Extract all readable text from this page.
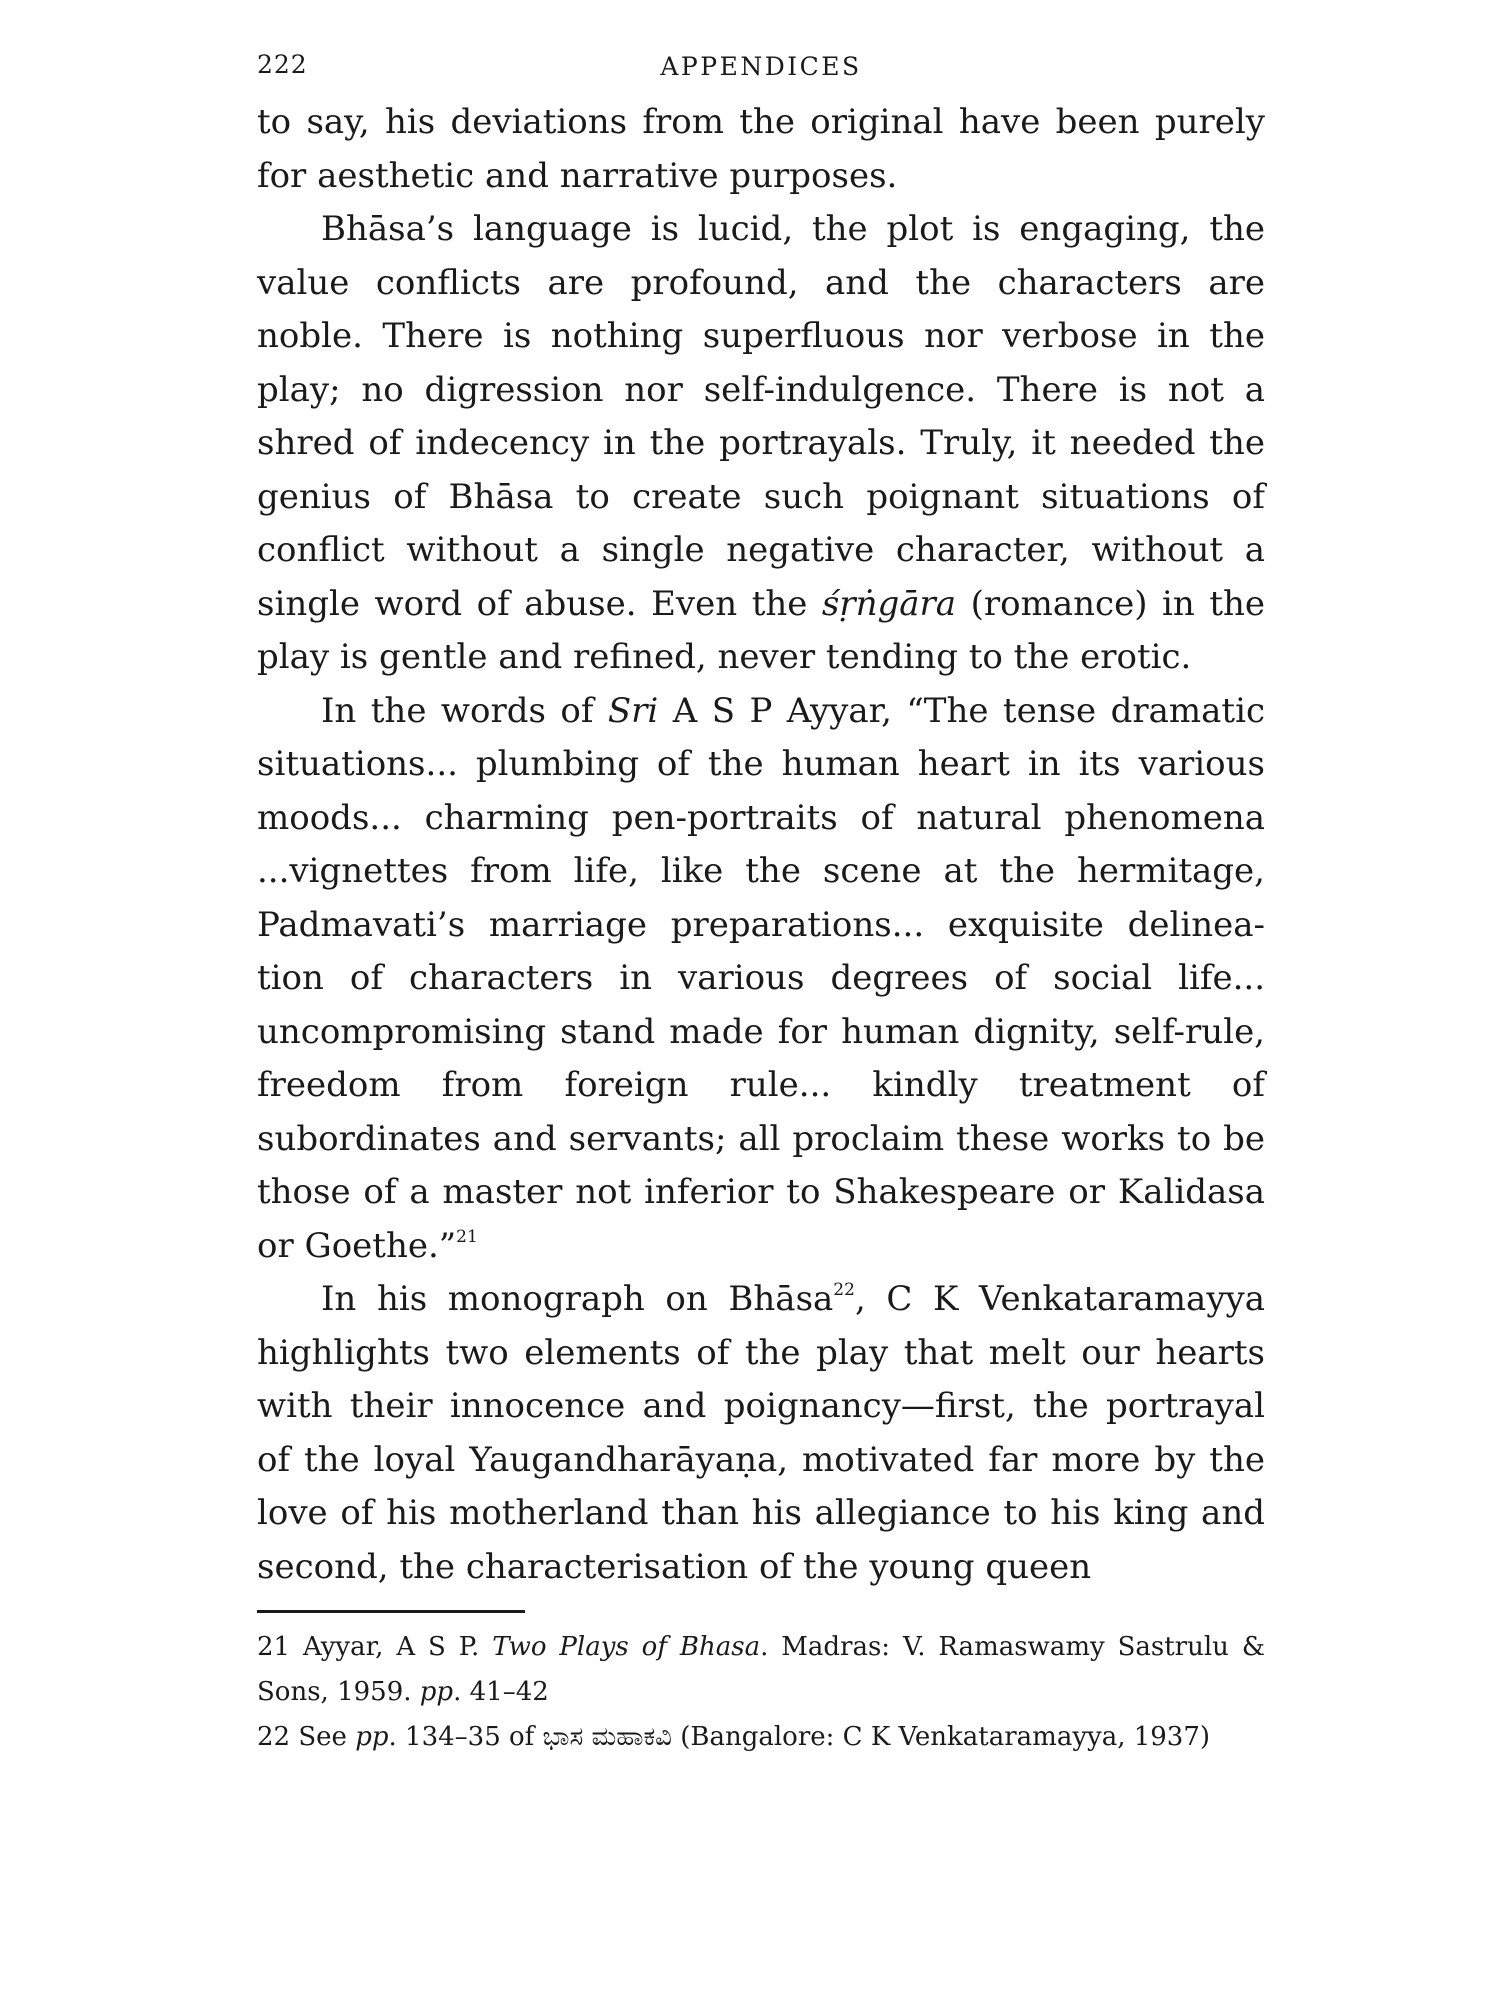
222	APPENDICES

to say, his deviations from the original have been purely for aesthetic and narrative purposes.

Bhāsa’s language is lucid, the plot is engaging, the value conflicts are profound, and the characters are noble. There is nothing superfluous nor verbose in the play; no digression nor self-indulgence. There is not a shred of indecency in the portrayals. Truly, it needed the genius of Bhāsa to create such poignant situations of conflict without a single negative character, without a single word of abuse. Even the śṛṅgāra (romance) in the play is gentle and refined, never tending to the erotic.

In the words of Sri A S P Ayyar, “The tense dramatic situations... plumbing of the human heart in its various moods... charming pen-portraits of natural phenomena ...vignettes from life, like the scene at the hermitage, Padmavati’s marriage preparations... exquisite delineation of characters in various degrees of social life... uncompromising stand made for human dignity, self-rule, freedom from foreign rule... kindly treatment of subordinates and servants; all proclaim these works to be those of a master not inferior to Shakespeare or Kalidasa or Goethe.”$^{21}$

In his monograph on Bhāsa$^{22}$, C K Venkataramayya highlights two elements of the play that melt our hearts with their innocence and poignancy—first, the portrayal of the loyal Yaugandharāyaṇa, motivated far more by the love of his motherland than his allegiance to his king and second, the characterisation of the young queen

21 Ayyar, A S P. Two Plays of Bhasa. Madras: V. Ramaswamy Sastrulu & Sons, 1959. pp. 41–42

22 See pp. 134–35 of ಭಾಸ ಮಹಾಕವಿ (Bangalore: C K Venkataramayya, 1937)
